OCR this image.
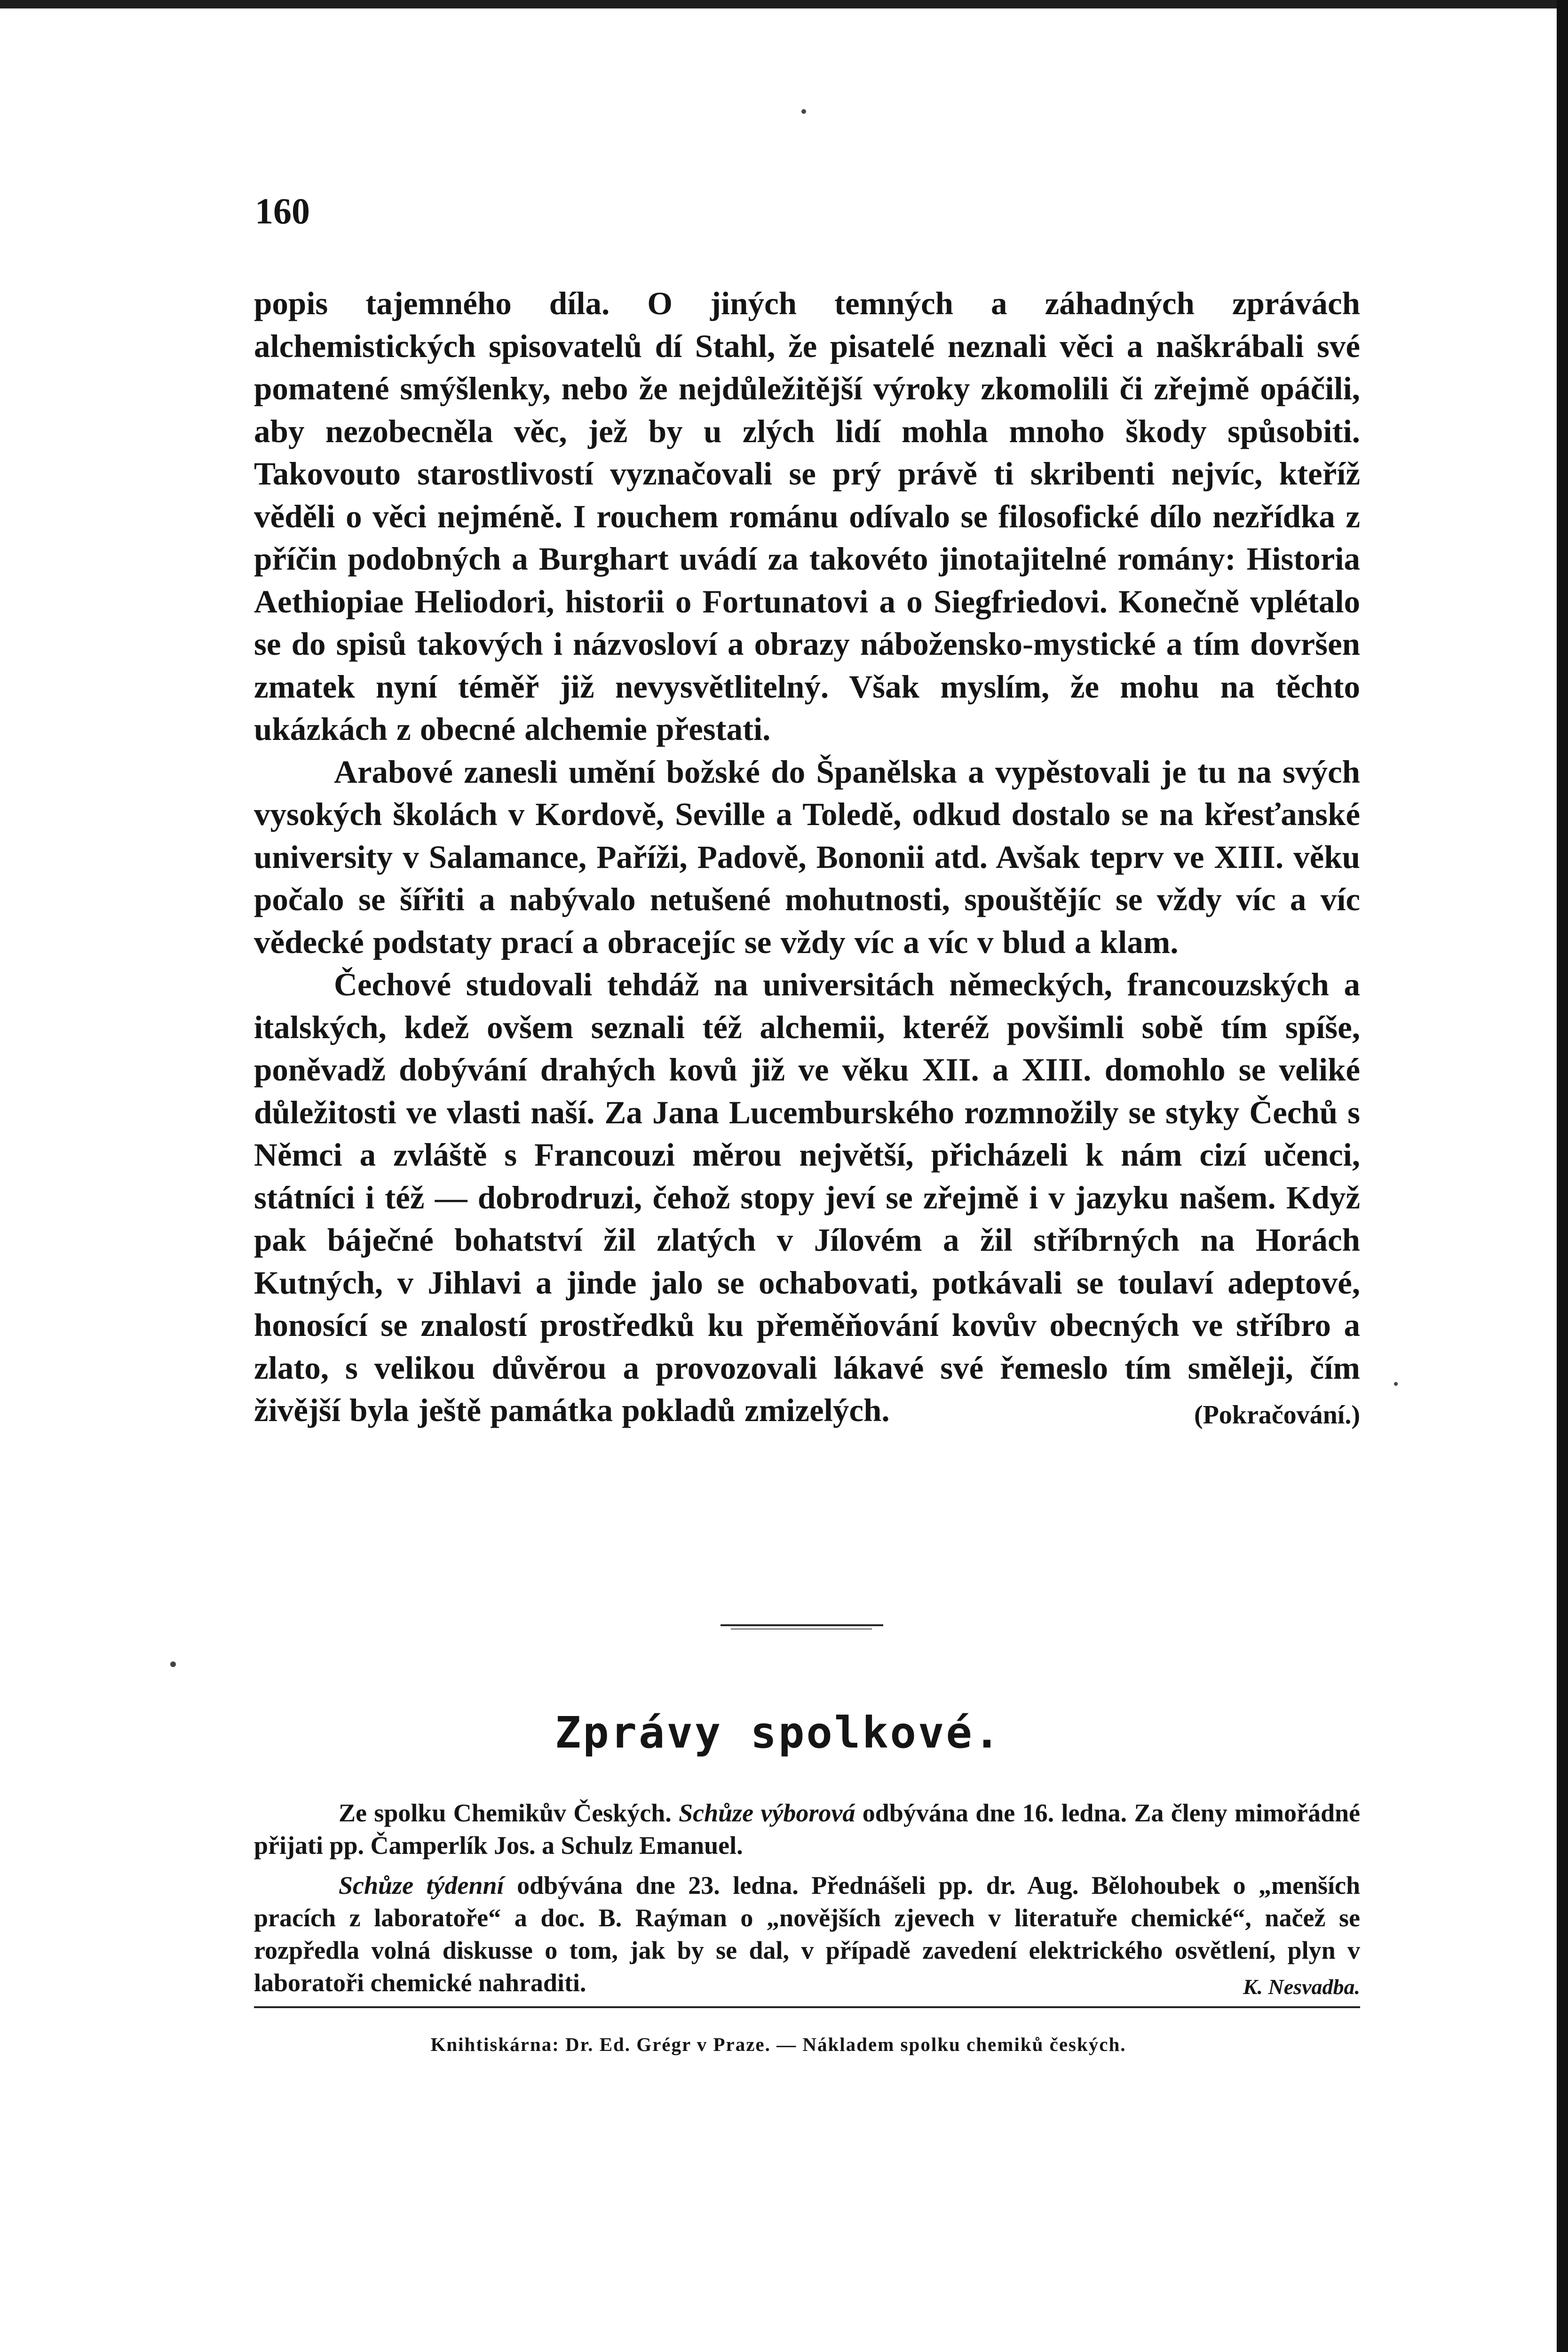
160

popis tajemného díla. O jiných temných a záhadných zprávách alchemistických spisovatelů dí Stahl, že pisatelé neznali věci a naškrábali své pomatené smýšlenky, nebo že nejdůležitější výroky zkomolili či zřejmě opáčili, aby nezobecněla věc, jež by u zlých lidí mohla mnoho škody spůsobiti. Takovouto starostlivostí vyznačovali se prý právě ti skribenti nejvíc, kteříž věděli o věci nejméně. I rouchem románu odívalo se filosofické dílo nezřídka z příčin podobných a Burghart uvádí za takovéto jinotajitelné romány: Historia Aethiopiae Heliodori, historii o Fortunatovi a o Siegfriedovi. Konečně vplétalo se do spisů takových i názvosloví a obrazy náboženskо-mystické a tím dovršen zmatek nyní téměř již nevysvětlitelný. Však myslím, že mohu na těchto ukázkách z obecné alchemie přestati.

Arabové zanesli umění božské do Španělska a vypěstovali je tu na svých vysokých školách v Kordově, Seville a Toledě, odkud dostalo se na křesťanské university v Salamance, Paříži, Padově, Bononii atd. Avšak teprv ve XIII. věku počalo se šířiti a nabývalo netušené mohutnosti, spouštějíc se vždy víc a víc vědecké podstaty prací a obracejíc se vždy víc a víc v blud a klam.

Čechové studovali tehdáž na universitách německých, francouzských a italských, kdež ovšem seznali též alchemii, kteréž povšimli sobě tím spíše, poněvadž dobývání drahých kovů již ve věku XII. a XIII. domohlo se veliké důležitosti ve vlasti naší. Za Jana Lucemburského rozmnožily se styky Čechů s Němci a zvláště s Francouzi měrou největší, přicházeli k nám cizí učenci, státníci i též — dobrodruzi, čehož stopy jeví se zřejmě i v jazyku našem. Když pak báječné bohatství žil zlatých v Jílovém a žil stříbrných na Horách Kutných, v Jihlavi a jinde jalo se ochabovati, potkávali se toulaví adeptové, honosící se znalostí prostředků ku přeměňování kovův obecných ve stříbro a zlato, s velikou důvěrou a provozovali lákavé své řemeslo tím směleji, čím živější byla ještě památka pokladů zmizelých.	(Pokračování.)

Zprávy spolkové.

Ze spolku Chemikův Českých. Schůze výborová odbývána dne 16. ledna. Za členy mimořádné přijati pp. Čamperlík Jos. a Schulz Emanuel.

Schůze týdenní odbývána dne 23. ledna. Přednášeli pp. dr. Aug. Bělohoubek o „menších pracích z laboratoře“ a doc. B. Raýman o „novějších zjevech v literatuře chemické“, načež se rozpředla volná diskusse o tom, jak by se dal, v případě zavedení elektrického osvětlení, plyn v laboratoři chemické nahraditi.	K. Nesvadba.

Knihtiskárna: Dr. Ed. Grégr v Praze. — Nákladem spolku chemiků českých.
